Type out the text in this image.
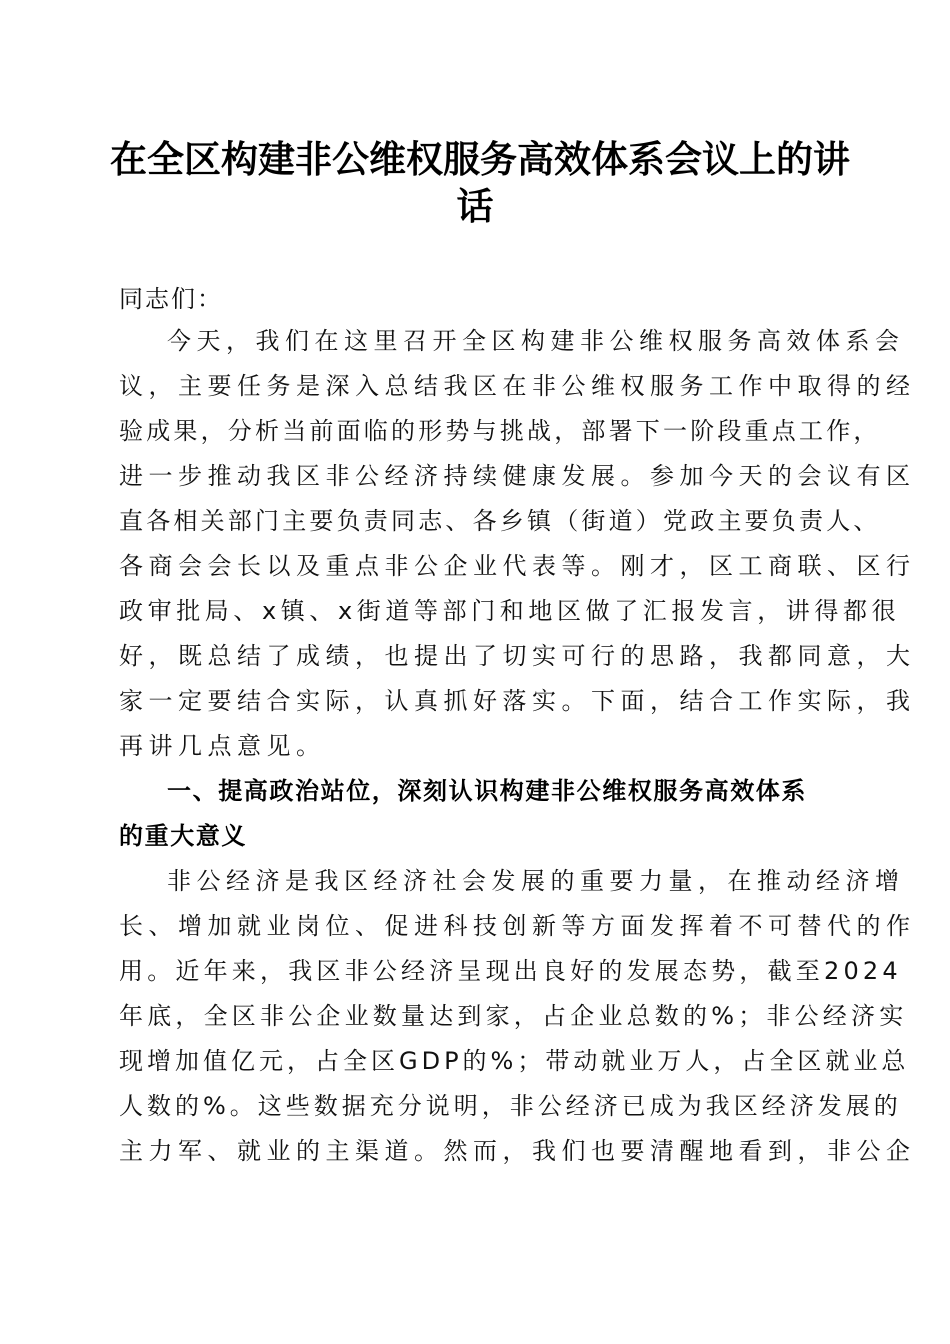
在全区构建非公维权服务高效体系会议上的讲
话
同志们：
今天，我们在这里召开全区构建非公维权服务高效体系会
议，主要任务是深入总结我区在非公维权服务工作中取得的经
验成果，分析当前面临的形势与挑战，部署下一阶段重点工作，
进一步推动我区非公经济持续健康发展。参加今天的会议有区
直各相关部门主要负责同志、各乡镇（街道）党政主要负责人、
各商会会长以及重点非公企业代表等。刚才，区工商联、区行
政审批局、x镇、x街道等部门和地区做了汇报发言，讲得都很
好，既总结了成绩，也提出了切实可行的思路，我都同意，大
家一定要结合实际，认真抓好落实。下面，结合工作实际，我
再讲几点意见。
一、提高政治站位，深刻认识构建非公维权服务高效体系
的重大意义
非公经济是我区经济社会发展的重要力量，在推动经济增
长、增加就业岗位、促进科技创新等方面发挥着不可替代的作
用。近年来，我区非公经济呈现出良好的发展态势，截至2024
年底，全区非公企业数量达到家，占企业总数的%；非公经济实
现增加值亿元，占全区GDP的%；带动就业万人，占全区就业总
人数的%。这些数据充分说明，非公经济已成为我区经济发展的
主力军、就业的主渠道。然而，我们也要清醒地看到，非公企
